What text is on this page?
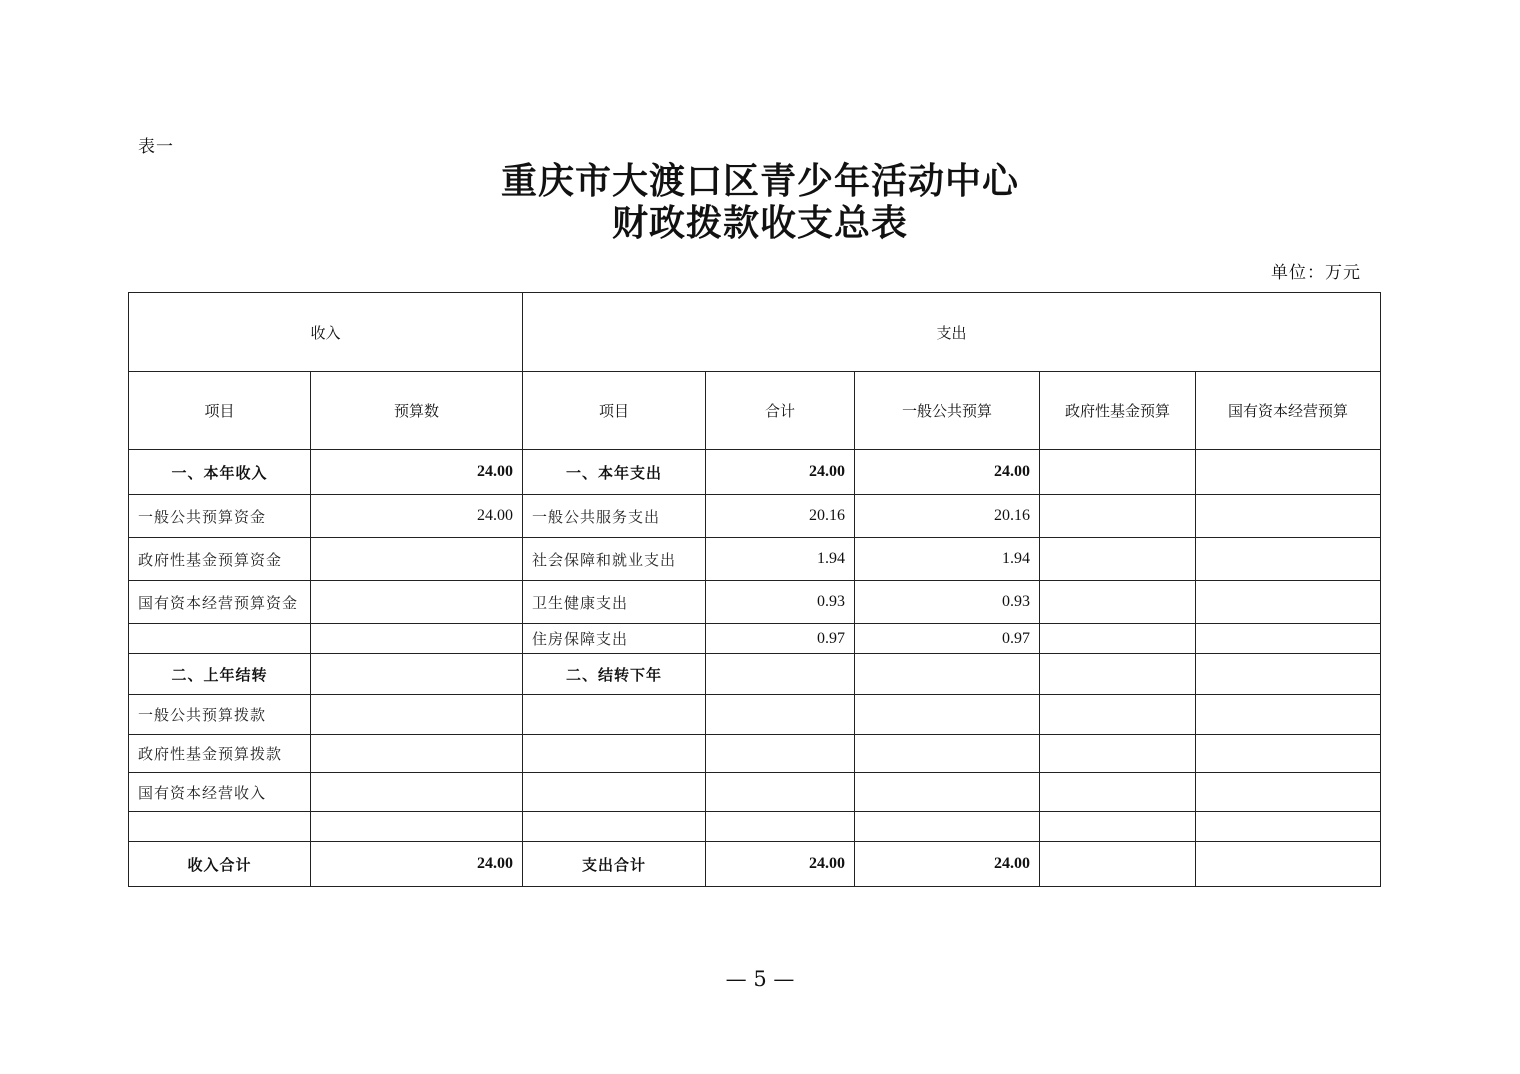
表一
重庆市大渡口区青少年活动中心
财政拨款收支总表
单位：万元
收入		支出				
项目	预算数	项目	合计	一般公共预算	政府性基金预算	国有资本经营预算
一、本年收入	24.00	一、本年支出	24.00	24.00		
一般公共预算资金	24.00	一般公共服务支出	20.16	20.16		
政府性基金预算资金		社会保障和就业支出	1.94	1.94		
国有资本经营预算资金		卫生健康支出	0.93	0.93		
		住房保障支出	0.97	0.97		
二、上年结转		二、结转下年				
一般公共预算拨款						
政府性基金预算拨款						
国有资本经营收入						

收入合计	24.00	支出合计	24.00	24.00		
— 5 —
